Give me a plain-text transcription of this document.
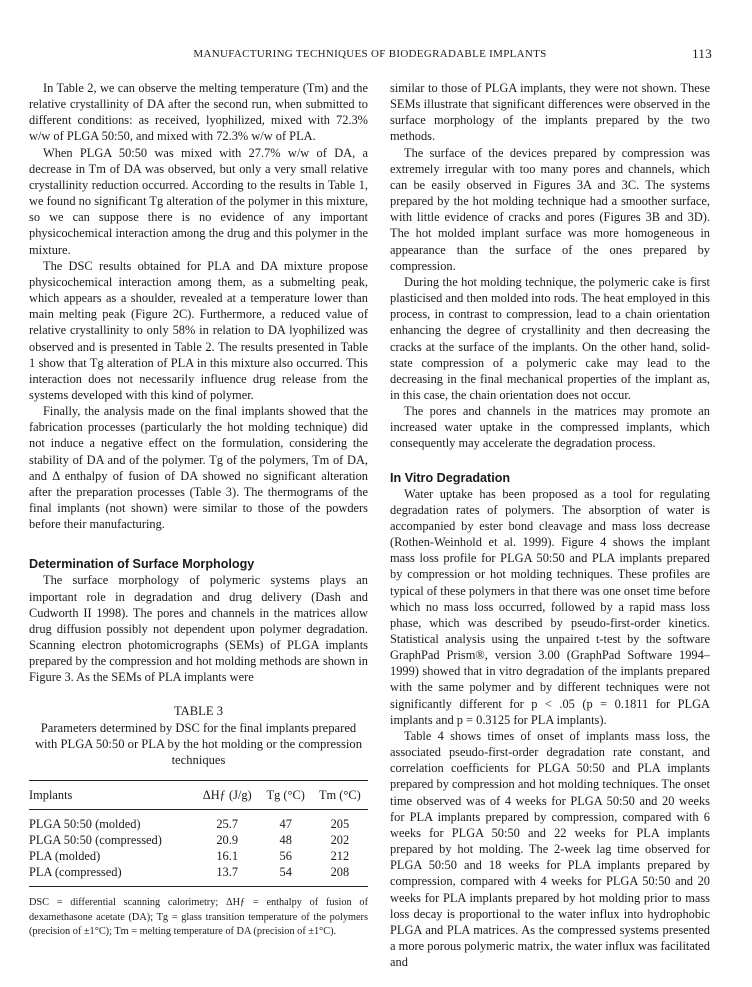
MANUFACTURING TECHNIQUES OF BIODEGRADABLE IMPLANTS	113

In Table 2, we can observe the melting temperature (Tm) and the relative crystallinity of DA after the second run, when submitted to different conditions: as received, lyophilized, mixed with 72.3% w/w of PLGA 50:50, and mixed with 72.3% w/w of PLA.

When PLGA 50:50 was mixed with 27.7% w/w of DA, a decrease in Tm of DA was observed, but only a very small relative crystallinity reduction occurred. According to the results in Table 1, we found no significant Tg alteration of the polymer in this mixture, so we can suppose there is no evidence of any important physicochemical interaction among the drug and this polymer in the mixture.

The DSC results obtained for PLA and DA mixture propose physicochemical interaction among them, as a submelting peak, which appears as a shoulder, revealed at a temperature lower than main melting peak (Figure 2C). Furthermore, a reduced value of relative crystallinity to only 58% in relation to DA lyophilized was observed and is presented in Table 2. The results presented in Table 1 show that Tg alteration of PLA in this mixture also occurred. This interaction does not necessarily influence drug release from the systems developed with this kind of polymer.

Finally, the analysis made on the final implants showed that the fabrication processes (particularly the hot molding technique) did not induce a negative effect on the formulation, considering the stability of DA and of the polymer. Tg of the polymers, Tm of DA, and Δ enthalpy of fusion of DA showed no significant alteration after the preparation processes (Table 3). The thermograms of the final implants (not shown) were similar to those of the powders before their manufacturing.

Determination of Surface Morphology

The surface morphology of polymeric systems plays an important role in degradation and drug delivery (Dash and Cudworth II 1998). The pores and channels in the matrices allow drug diffusion possibly not dependent upon polymer degradation. Scanning electron photomicrographs (SEMs) of PLGA implants prepared by the compression and hot molding methods are shown in Figure 3. As the SEMs of PLA implants were

TABLE 3
Parameters determined by DSC for the final implants prepared with PLGA 50:50 or PLA by the hot molding or the compression techniques
Implants	ΔHƒ (J/g)	Tg (°C)	Tm (°C)
PLGA 50:50 (molded)	25.7	47	205
PLGA 50:50 (compressed)	20.9	48	202
PLA (molded)	16.1	56	212
PLA (compressed)	13.7	54	208
DSC = differential scanning calorimetry; ΔHƒ = enthalpy of fusion of dexamethasone acetate (DA); Tg = glass transition temperature of the polymers (precision of ±1°C); Tm = melting temperature of DA (precision of ±1°C).

similar to those of PLGA implants, they were not shown. These SEMs illustrate that significant differences were observed in the surface morphology of the implants prepared by the two methods.

The surface of the devices prepared by compression was extremely irregular with too many pores and channels, which can be easily observed in Figures 3A and 3C. The systems prepared by the hot molding technique had a smoother surface, with little evidence of cracks and pores (Figures 3B and 3D). The hot molded implant surface was more homogeneous in appearance than the surface of the ones prepared by compression.

During the hot molding technique, the polymeric cake is first plasticised and then molded into rods. The heat employed in this process, in contrast to compression, lead to a chain orientation enhancing the degree of crystallinity and then decreasing the cracks at the surface of the implants. On the other hand, solid-state compression of a polymeric cake may lead to the decreasing in the final mechanical properties of the implant as, in this case, the chain orientation does not occur.

The pores and channels in the matrices may promote an increased water uptake in the compressed implants, which consequently may accelerate the degradation process.

In Vitro Degradation

Water uptake has been proposed as a tool for regulating degradation rates of polymers. The absorption of water is accompanied by ester bond cleavage and mass loss decrease (Rothen-Weinhold et al. 1999). Figure 4 shows the implant mass loss profile for PLGA 50:50 and PLA implants prepared by compression or hot molding techniques. These profiles are typical of these polymers in that there was one onset time before which no mass loss occurred, followed by a rapid mass loss phase, which was described by pseudo-first-order kinetics. Statistical analysis using the unpaired t-test by the software GraphPad Prism®, version 3.00 (GraphPad Software 1994–1999) showed that in vitro degradation of the implants prepared with the same polymer and by different techniques were not significantly different for p < .05 (p = 0.1811 for PLGA implants and p = 0.3125 for PLA implants).

Table 4 shows times of onset of implants mass loss, the associated pseudo-first-order degradation rate constant, and correlation coefficients for PLGA 50:50 and PLA implants prepared by compression and hot molding techniques. The onset time observed was of 4 weeks for PLGA 50:50 and 20 weeks for PLA implants prepared by compression, compared with 6 weeks for PLGA 50:50 and 22 weeks for PLA implants prepared by hot molding. The 2-week lag time observed for PLGA 50:50 and 18 weeks for PLA implants prepared by compression, compared with 4 weeks for PLGA 50:50 and 20 weeks for PLA implants prepared by hot molding prior to mass loss decay is proportional to the water influx into hydrophobic PLGA and PLA matrices. As the compressed systems presented a more porous polymeric matrix, the water influx was facilitated and
